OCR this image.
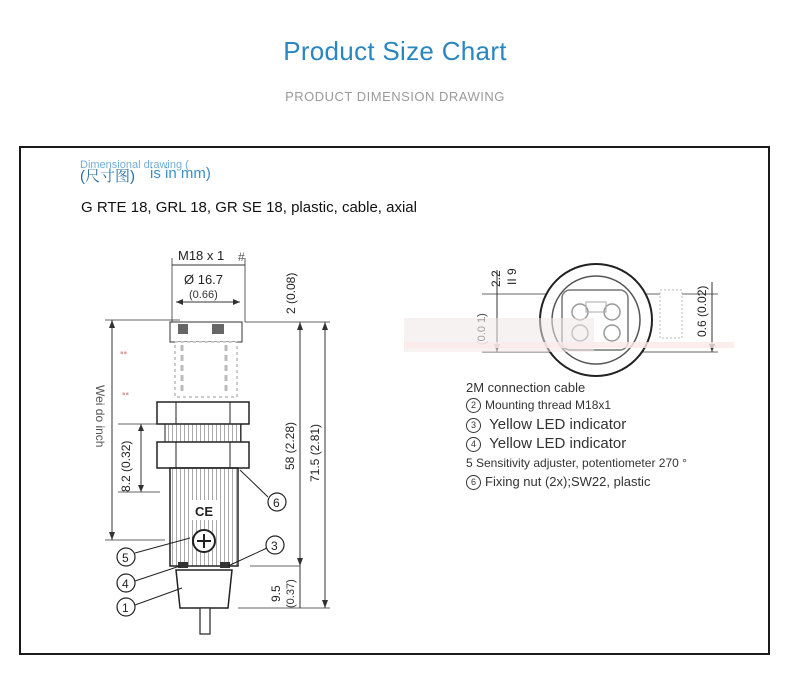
Product Size Chart
PRODUCT DIMENSION DRAWING
Dimensional drawing (
(尺寸图) is in mm)
G RTE 18, GRL 18, GR SE 18, plastic, cable, axial
M18 x 1 #
Ø 16.7
(0.66)	2 (0.08)
Wei do inch
8.2 (0.32)
CE
58 (2.28) 71.5 (2.81)
9.5 (0.37)
6
5
4
3
1
▪▪
▪▪
2.2 II 9
0.6 (0.02)
2M connection cable
2 Mounting thread M18x1
3 Yellow LED indicator
4 Yellow LED indicator
5 Sensitivity adjuster, potentiometer 270 °
6 Fixing nut (2x);SW22, plastic
